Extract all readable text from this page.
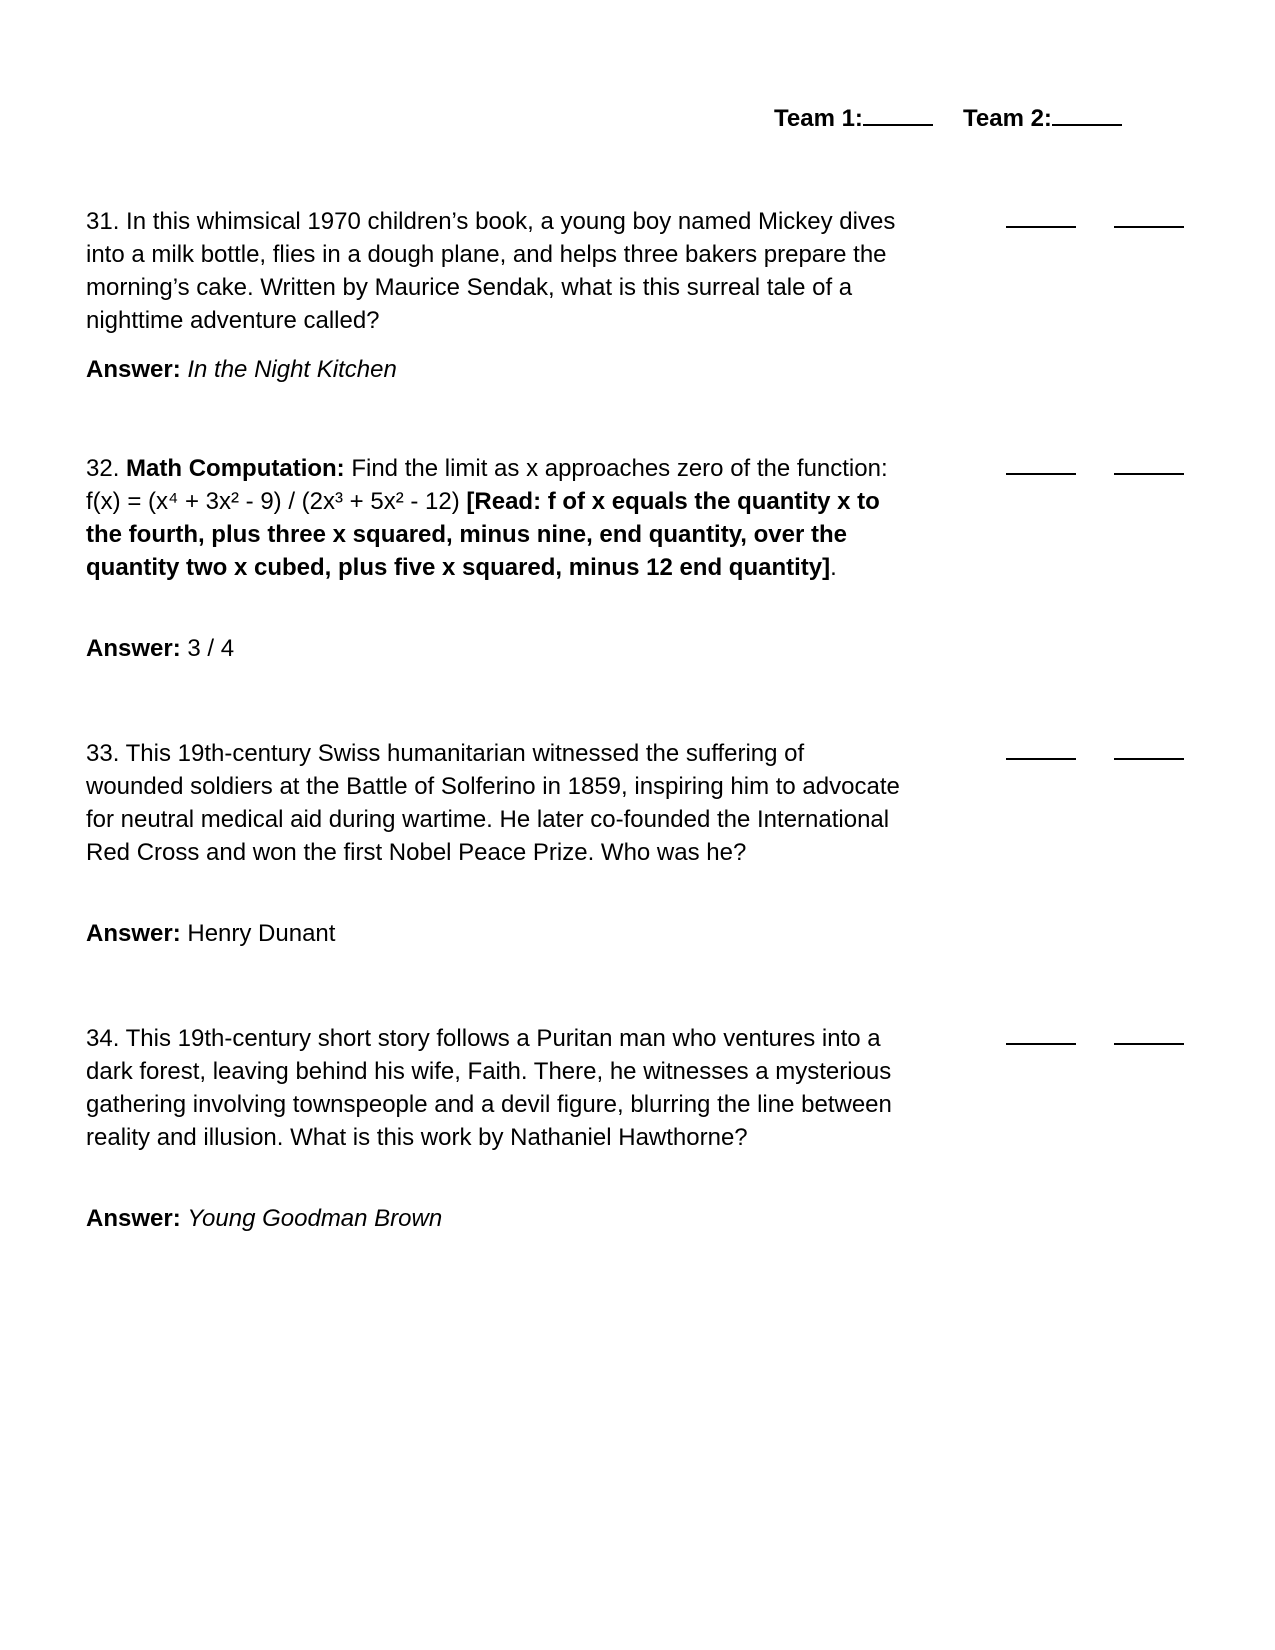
Team 1:	Team 2:

31. In this whimsical 1970 children’s book, a young boy named Mickey dives into a milk bottle, flies in a dough plane, and helps three bakers prepare the morning’s cake. Written by Maurice Sendak, what is this surreal tale of a nighttime adventure called?

Answer: In the Night Kitchen

32. Math Computation: Find the limit as x approaches zero of the function: f(x) = (x⁴ + 3x² - 9) / (2x³ + 5x² - 12) [Read: f of x equals the quantity x to the fourth, plus three x squared, minus nine, end quantity, over the quantity two x cubed, plus five x squared, minus 12 end quantity].

Answer: 3 / 4

33. This 19th-century Swiss humanitarian witnessed the suffering of wounded soldiers at the Battle of Solferino in 1859, inspiring him to advocate for neutral medical aid during wartime. He later co-founded the International Red Cross and won the first Nobel Peace Prize. Who was he?

Answer: Henry Dunant

34. This 19th-century short story follows a Puritan man who ventures into a dark forest, leaving behind his wife, Faith. There, he witnesses a mysterious gathering involving townspeople and a devil figure, blurring the line between reality and illusion. What is this work by Nathaniel Hawthorne?

Answer: Young Goodman Brown
